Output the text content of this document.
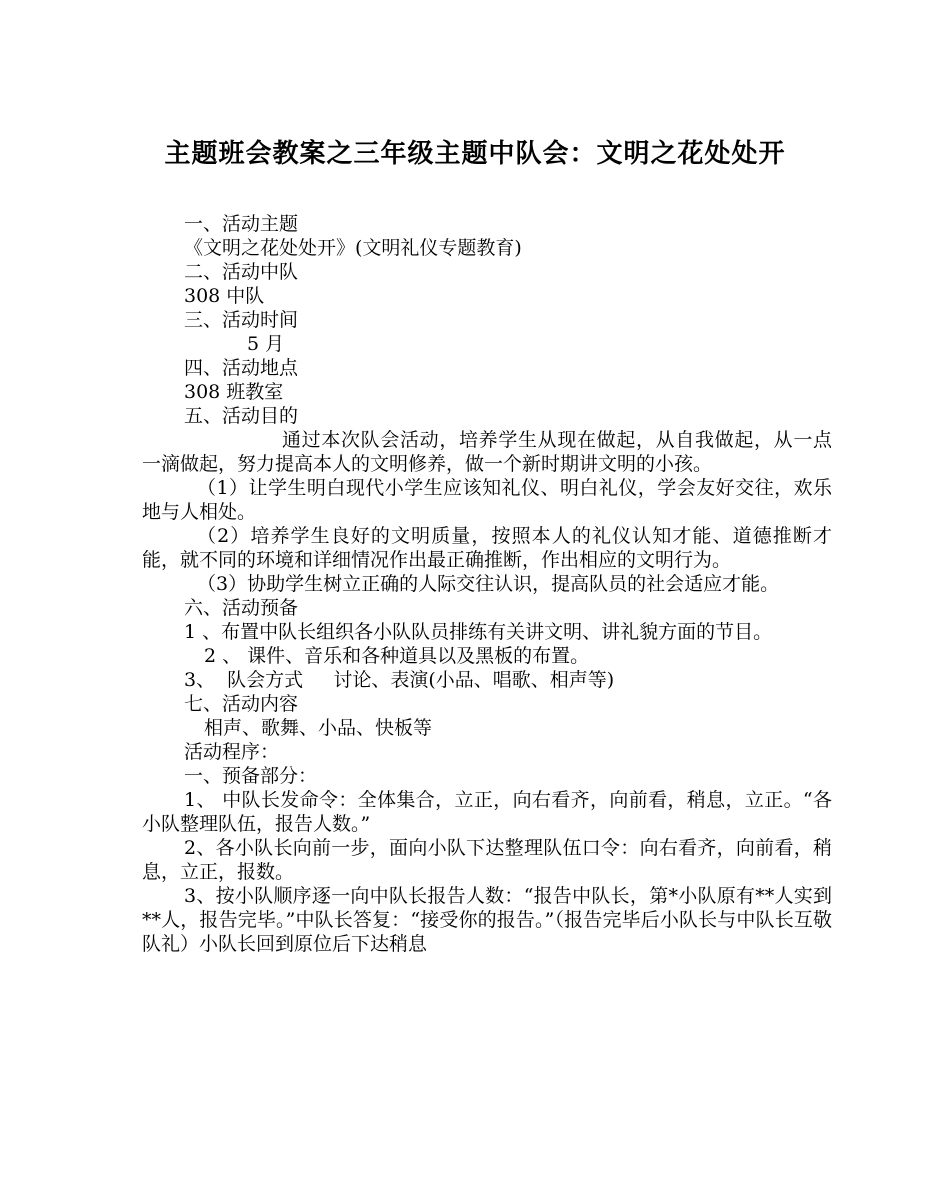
主题班会教案之三年级主题中队会：文明之花处处开

一、活动主题

《文明之花处处开》(文明礼仪专题教育)

二、活动中队

308 中队

三、活动时间

5 月

四、活动地点

308 班教室

五、活动目的

通过本次队会活动，培养学生从现在做起，从自我做起，从一点一滴做起，努力提高本人的文明修养，做一个新时期讲文明的小孩。

（1）让学生明白现代小学生应该知礼仪、明白礼仪，学会友好交往，欢乐地与人相处。

（2）培养学生良好的文明质量，按照本人的礼仪认知才能、道德推断才能，就不同的环境和详细情况作出最正确推断，作出相应的文明行为。

（3）协助学生树立正确的人际交往认识，提高队员的社会适应才能。

六、活动预备

1 、布置中队长组织各小队队员排练有关讲文明、讲礼貌方面的节目。

2 、 课件、音乐和各种道具以及黑板的布置。

3、  队会方式     讨论、表演(小品、唱歌、相声等)

七、活动内容

相声、歌舞、小品、快板等

活动程序：

一、预备部分：

1、 中队长发命令：全体集合，立正，向右看齐，向前看，稍息，立正。“各小队整理队伍，报告人数。”

2、各小队长向前一步，面向小队下达整理队伍口令：向右看齐，向前看，稍息，立正，报数。

3、按小队顺序逐一向中队长报告人数：“报告中队长，第*小队原有**人实到**人，报告完毕。”中队长答复：“接受你的报告。”（报告完毕后小队长与中队长互敬队礼）小队长回到原位后下达稍息
